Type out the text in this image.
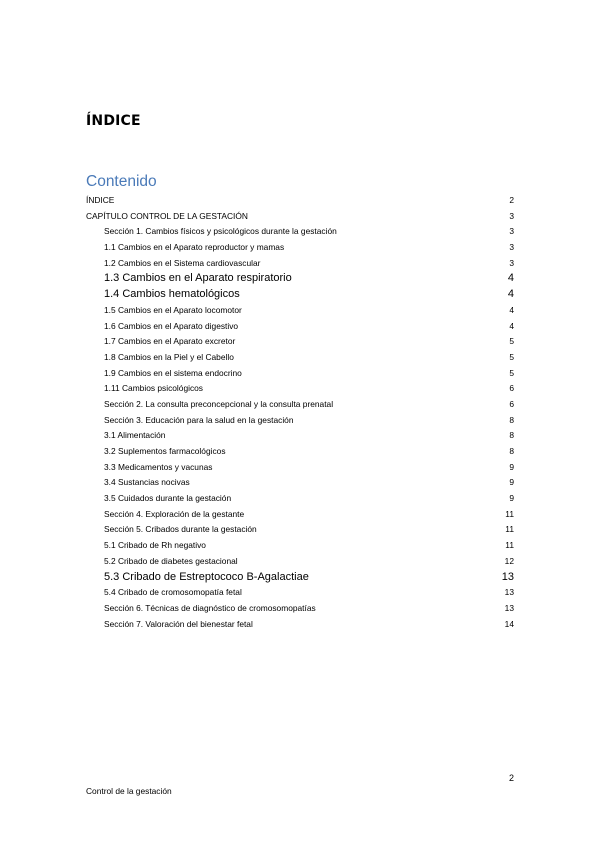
ÍNDICE
Contenido
ÍNDICE	2
CAPÍTULO CONTROL DE LA GESTACIÓN	3
Sección 1. Cambios físicos y psicológicos durante la gestación	3
1.1 Cambios en el Aparato reproductor y mamas	3
1.2 Cambios en el Sistema cardiovascular	3
1.3 Cambios en el Aparato respiratorio	4
1.4 Cambios hematológicos	4
1.5 Cambios en el Aparato locomotor	4
1.6 Cambios en el Aparato digestivo	4
1.7 Cambios en el Aparato excretor	5
1.8 Cambios en la Piel y el Cabello	5
1.9 Cambios en el sistema endocrino	5
1.11 Cambios psicológicos	6
Sección 2. La consulta preconcepcional y la consulta prenatal	6
Sección 3. Educación para la salud en la gestación	8
3.1 Alimentación	8
3.2 Suplementos farmacológicos	8
3.3 Medicamentos y vacunas	9
3.4 Sustancias nocivas	9
3.5 Cuidados durante la gestación	9
Sección 4. Exploración de la gestante	11
Sección 5. Cribados durante la gestación	11
5.1 Cribado de Rh negativo	11
5.2 Cribado de diabetes gestacional	12
5.3 Cribado de Estreptococo B-Agalactiae	13
5.4 Cribado de cromosomopatía fetal	13
Sección 6. Técnicas de diagnóstico de cromosomopatías	13
Sección 7. Valoración del bienestar fetal	14
2
Control de la gestación
